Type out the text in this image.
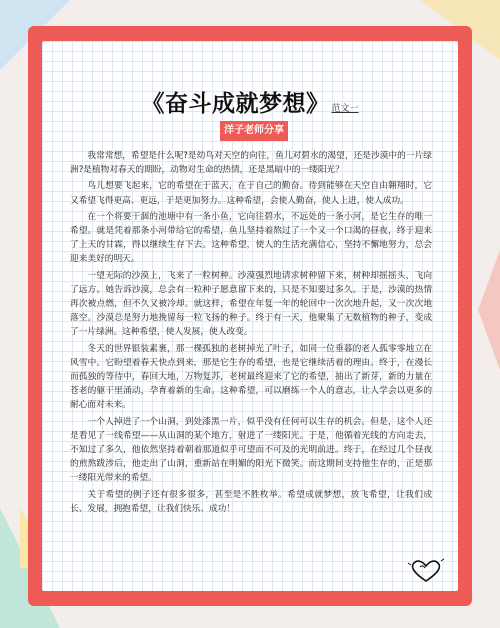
《奋斗成就梦想》 范文一
洋子老师分享

我常常想，希望是什么呢?是幼鸟对天空的向往，鱼儿对碧水的渴望，还是沙漠中的一片绿洲?是植物对春天的期盼，动物对生命的热情，还是黑暗中的一缕阳光？

鸟儿想要飞起来，它的希望在于蓝天，在于自己的勤奋。待到能够在天空自由翱翔时，它又希望飞得更高、更远，于是更加努力。这种希望，会使人勤奋，使人上进，使人成功。

在一个将要干涸的池塘中有一条小鱼，它向往碧水，不远处的一条小河，是它生存的唯一希望。就是凭着那条小河带给它的希望，鱼儿坚持着熬过了一个又一个口渴的昼夜，终于迎来了上天的甘霖，得以继续生存下去。这种希望，使人的生活充满信心，坚持不懈地努力，总会迎来美好的明天。

一望无际的沙漠上，飞来了一粒树种。沙漠强烈地请求树种留下来，树种却摇摇头，飞向了远方。她告诉沙漠，总会有一粒种子愿意留下来的，只是不知要过多久。于是，沙漠的热情再次被点燃，但不久又被冷却。就这样，希望在年复一年的轮回中一次次地升起，又一次次地落空。沙漠总是努力地挽留每一粒飞扬的种子。终于有一天，他聚集了无数植物的种子，变成了一片绿洲。这种希望，使人发展，使人改变。

冬天的世界银装素裹，那一棵孤独的老树掉光了叶子，如同一位垂暮的老人孤零零地立在风雪中。它盼望着春天快点到来，那是它生存的希望，也是它继续活着的理由。终于，在漫长而孤独的等待中，春回大地，万物复苏，老树最终迎来了它的希望，抽出了新芽，新的力量在苍老的躯干里涌动，孕育着新的生命。这种希望，可以磨练一个人的意志，让人学会以更多的耐心面对未来。

一个人掉进了一个山洞，到处漆黑一片，似乎没有任何可以生存的机会。但是，这个人还是看见了一线希望——从山洞的某个地方，射进了一缕阳光。于是，他循着光线的方向走去，不知过了多久，他依然坚持着朝着那道似乎可望而不可及的光明前进。终于，在经过几个昼夜的煎熬跋涉后，他走出了山洞，重新站在明媚的阳光下微笑。而这期间支持他生存的，正是那一缕阳光带来的希望。

关于希望的例子还有很多很多，甚至是不胜枚举。希望成就梦想，放飞希望，让我们成长、发展，拥抱希望，让我们快乐、成功！
